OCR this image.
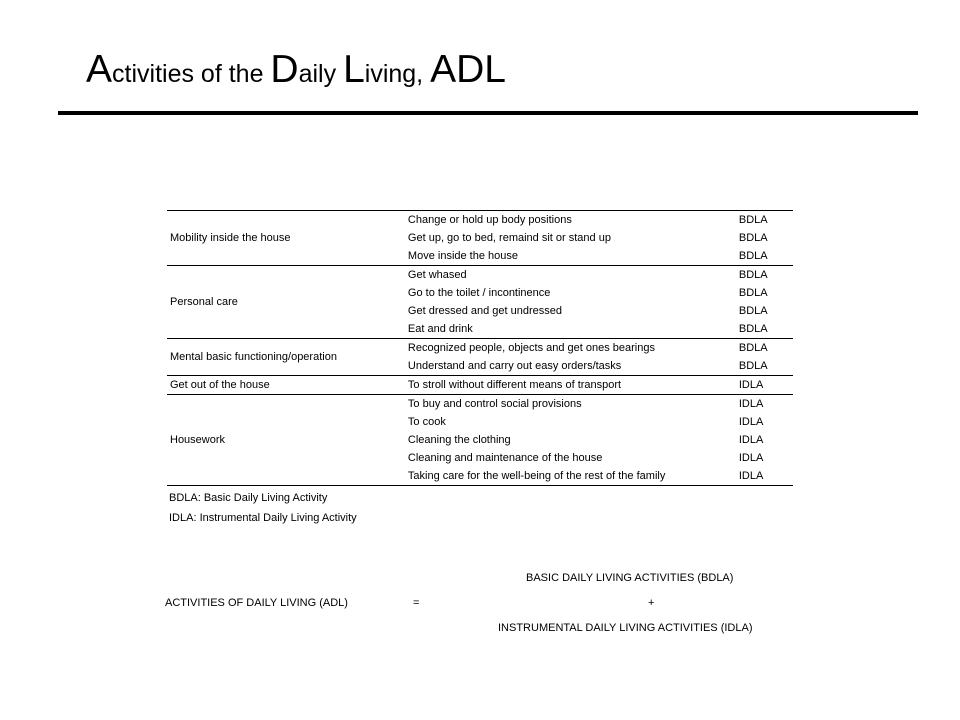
Activities of the Daily Living, ADL
Mobility inside the house	Change or hold up body positions	BDLA
	Get up, go to bed, remaind sit or stand up	BDLA
	Move inside the house	BDLA
Personal care	Get whased	BDLA
	Go to the toilet / incontinence	BDLA
	Get dressed and get undressed	BDLA
	Eat and drink	BDLA
Mental basic functioning/operation	Recognized people, objects and get ones bearings	BDLA
	Understand and carry out easy orders/tasks	BDLA
Get out of the house	To stroll without different means of transport	IDLA
Housework	To buy and control social provisions	IDLA
	To cook	IDLA
	Cleaning the clothing	IDLA
	Cleaning and maintenance of the house	IDLA
	Taking care for the well-being of the rest of the family	IDLA
BDLA: Basic Daily Living Activity
IDLA: Instrumental Daily Living Activity
BASIC DAILY LIVING ACTIVITIES (BDLA)
ACTIVITIES OF DAILY LIVING (ADL)	=	+
INSTRUMENTAL DAILY LIVING ACTIVITIES (IDLA)
